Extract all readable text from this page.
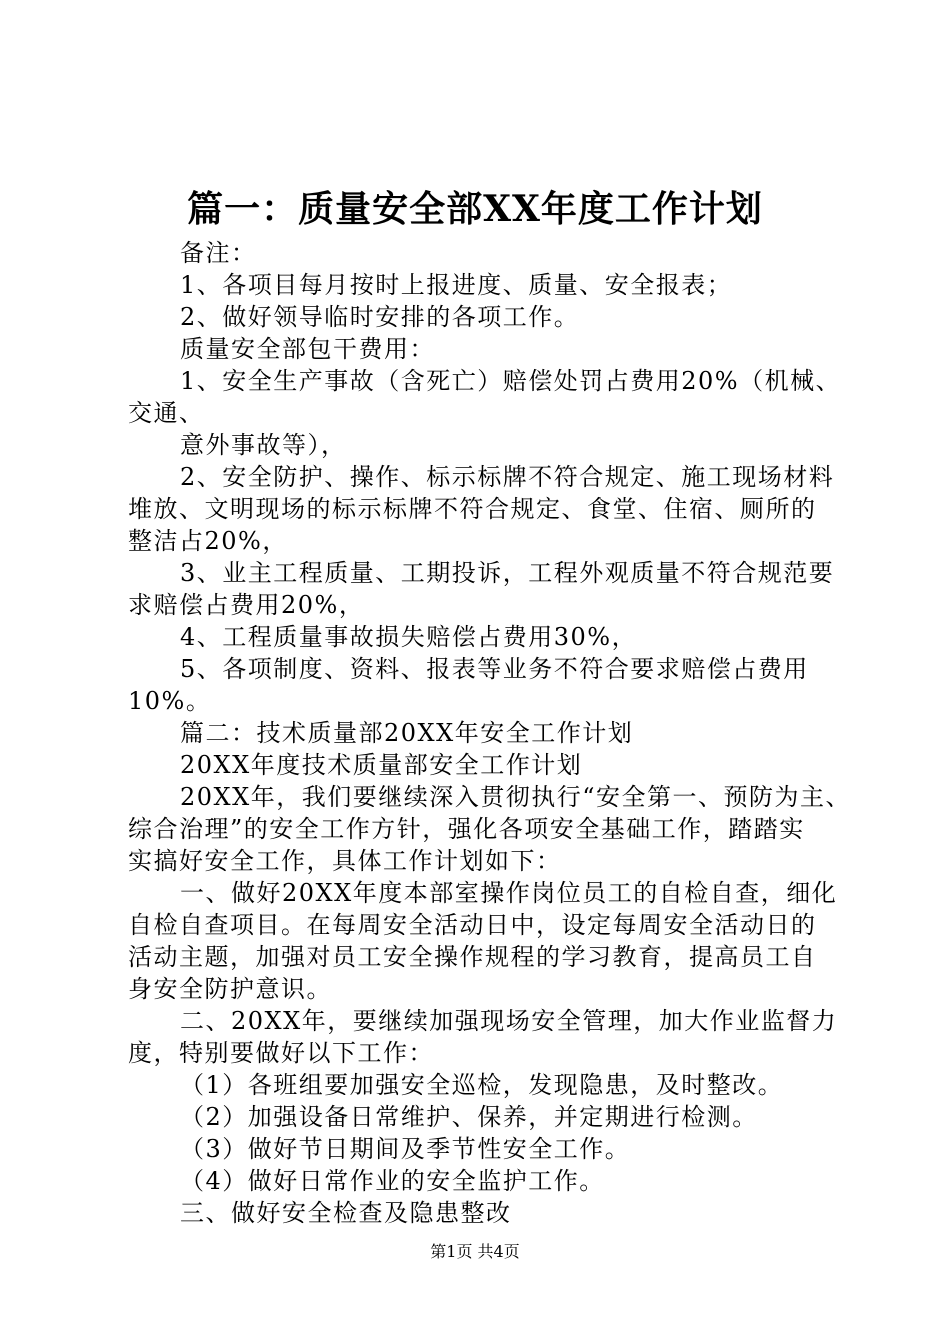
篇一：质量安全部XX年度工作计划
备注：
1、各项目每月按时上报进度、质量、安全报表；
2、做好领导临时安排的各项工作。
质量安全部包干费用：
1、安全生产事故（含死亡）赔偿处罚占费用20%（机械、
交通、
意外事故等），
2、安全防护、操作、标示标牌不符合规定、施工现场材料
堆放、文明现场的标示标牌不符合规定、食堂、住宿、厕所的
整洁占20%，
3、业主工程质量、工期投诉，工程外观质量不符合规范要
求赔偿占费用20%，
4、工程质量事故损失赔偿占费用30%，
5、各项制度、资料、报表等业务不符合要求赔偿占费用
10%。
篇二：技术质量部20XX年安全工作计划
20XX年度技术质量部安全工作计划
20XX年，我们要继续深入贯彻执行“安全第一、预防为主、
综合治理”的安全工作方针，强化各项安全基础工作，踏踏实
实搞好安全工作，具体工作计划如下：
一、做好20XX年度本部室操作岗位员工的自检自查，细化
自检自查项目。在每周安全活动日中，设定每周安全活动日的
活动主题，加强对员工安全操作规程的学习教育，提高员工自
身安全防护意识。
二、20XX年，要继续加强现场安全管理，加大作业监督力
度，特别要做好以下工作：
（1）各班组要加强安全巡检，发现隐患，及时整改。
（2）加强设备日常维护、保养，并定期进行检测。
（3）做好节日期间及季节性安全工作。
（4）做好日常作业的安全监护工作。
三、做好安全检查及隐患整改
第1页 共4页
